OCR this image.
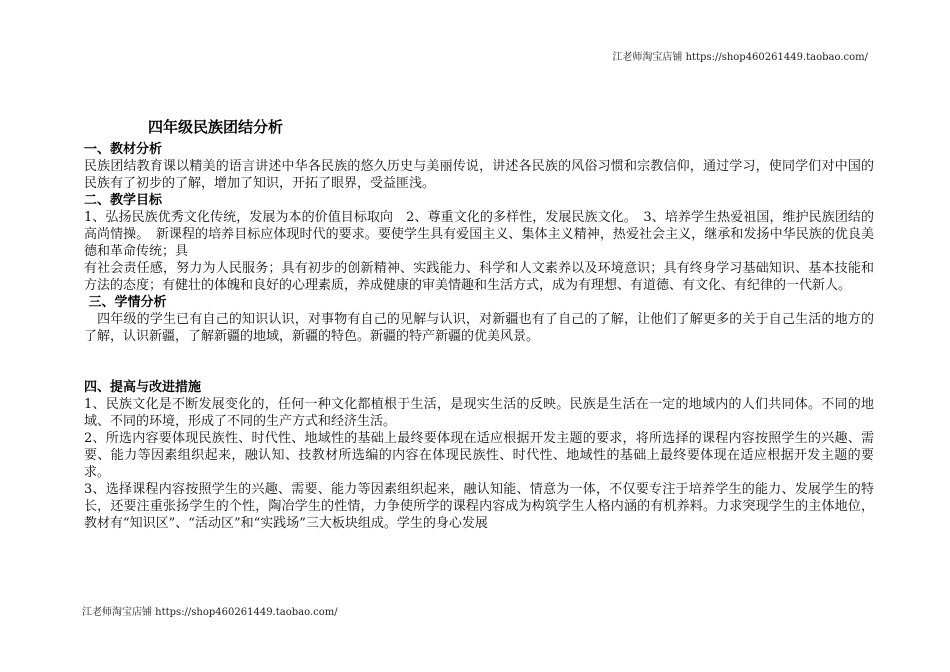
江老师淘宝店铺 https://shop460261449.taobao.com/
四年级民族团结分析
一、教材分析

民族团结教育课以精美的语言讲述中华各民族的悠久历史与美丽传说，讲述各民族的风俗习惯和宗教信仰，通过学习，使同学们对中国的民族有了初步的了解，增加了知识，开拓了眼界，受益匪浅。

二、教学目标

1、弘扬民族优秀文化传统，发展为本的价值目标取向　2、尊重文化的多样性，发展民族文化。　3、培养学生热爱祖国，维护民族团结的高尚情操。　新课程的培养目标应体现时代的要求。要使学生具有爱国主义、集体主义精神，热爱社会主义，继承和发扬中华民族的优良美德和革命传统；具

有社会责任感，努力为人民服务；具有初步的创新精神、实践能力、科学和人文素养以及环境意识；具有终身学习基础知识、基本技能和方法的态度；有健壮的体魄和良好的心理素质，养成健康的审美情趣和生活方式，成为有理想、有道德、有文化、有纪律的一代新人。

三、学情分析

　四年级的学生已有自己的知识认识，对事物有自己的见解与认识，对新疆也有了自己的了解，让他们了解更多的关于自己生活的地方的了解，认识新疆，了解新疆的地域，新疆的特色。新疆的特产新疆的优美风景。

四、提高与改进措施

1、民族文化是不断发展变化的，任何一种文化都植根于生活，是现实生活的反映。民族是生活在一定的地域内的人们共同体。不同的地域、不同的环境，形成了不同的生产方式和经济生活。

2、所选内容要体现民族性、时代性、地域性的基础上最终要体现在适应根据开发主题的要求，将所选择的课程内容按照学生的兴趣、需要、能力等因素组织起来，融认知、技教材所选编的内容在体现民族性、时代性、地域性的基础上最终要体现在适应根据开发主题的要求。

3、选择课程内容按照学生的兴趣、需要、能力等因素组织起来，融认知能、情意为一体，不仅要专注于培养学生的能力、发展学生的特长，还要注重张扬学生的个性，陶冶学生的性情，力争使所学的课程内容成为构筑学生人格内涵的有机养料。力求突现学生的主体地位，教材有“知识区”、“活动区”和“实践场”三大板块组成。学生的身心发展

江老师淘宝店铺 https://shop460261449.taobao.com/
